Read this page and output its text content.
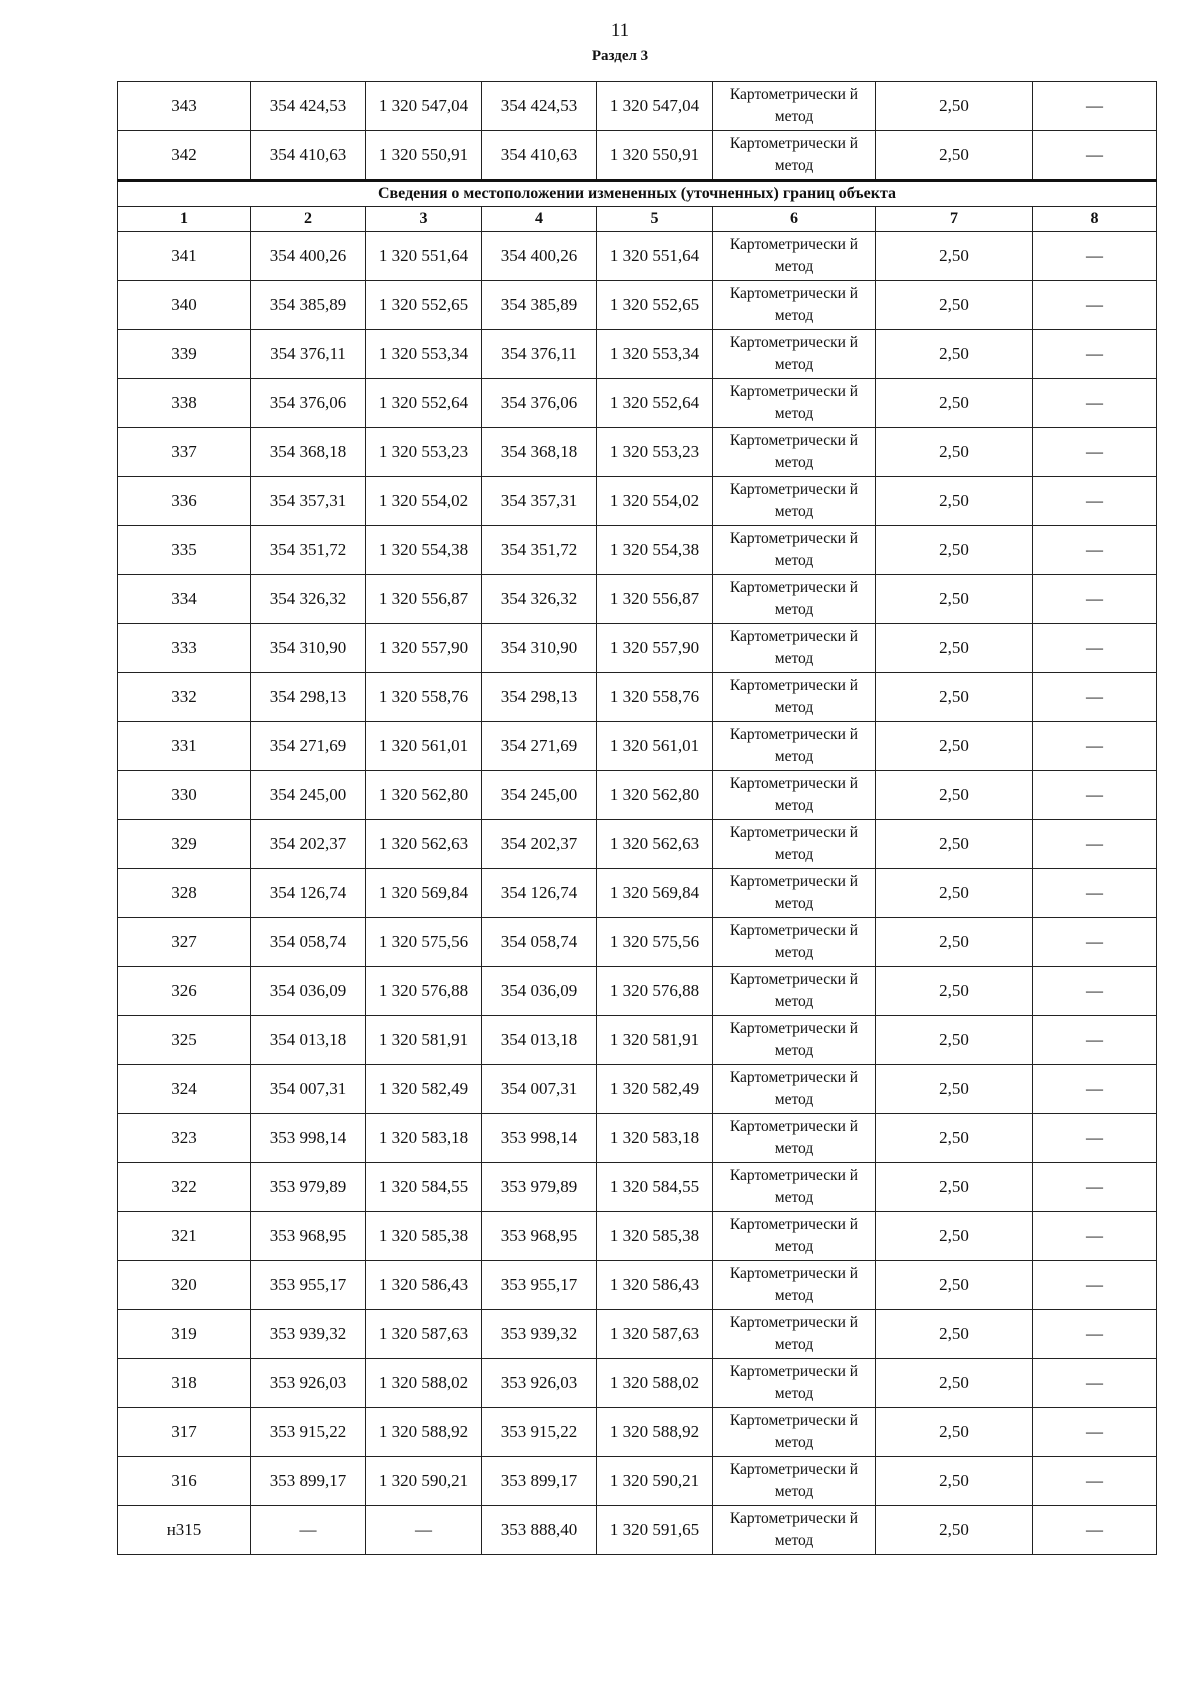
11
Раздел 3
343	354 424,53	1 320 547,04	354 424,53	1 320 547,04	Картометрически й метод	2,50	—
342	354 410,63	1 320 550,91	354 410,63	1 320 550,91	Картометрически й метод	2,50	—
Сведения о местоположении измененных (уточненных) границ объекта							
1	2	3	4	5	6	7	8
341	354 400,26	1 320 551,64	354 400,26	1 320 551,64	Картометрически й метод	2,50	—
340	354 385,89	1 320 552,65	354 385,89	1 320 552,65	Картометрически й метод	2,50	—
339	354 376,11	1 320 553,34	354 376,11	1 320 553,34	Картометрически й метод	2,50	—
338	354 376,06	1 320 552,64	354 376,06	1 320 552,64	Картометрически й метод	2,50	—
337	354 368,18	1 320 553,23	354 368,18	1 320 553,23	Картометрически й метод	2,50	—
336	354 357,31	1 320 554,02	354 357,31	1 320 554,02	Картометрически й метод	2,50	—
335	354 351,72	1 320 554,38	354 351,72	1 320 554,38	Картометрически й метод	2,50	—
334	354 326,32	1 320 556,87	354 326,32	1 320 556,87	Картометрически й метод	2,50	—
333	354 310,90	1 320 557,90	354 310,90	1 320 557,90	Картометрически й метод	2,50	—
332	354 298,13	1 320 558,76	354 298,13	1 320 558,76	Картометрически й метод	2,50	—
331	354 271,69	1 320 561,01	354 271,69	1 320 561,01	Картометрически й метод	2,50	—
330	354 245,00	1 320 562,80	354 245,00	1 320 562,80	Картометрически й метод	2,50	—
329	354 202,37	1 320 562,63	354 202,37	1 320 562,63	Картометрически й метод	2,50	—
328	354 126,74	1 320 569,84	354 126,74	1 320 569,84	Картометрически й метод	2,50	—
327	354 058,74	1 320 575,56	354 058,74	1 320 575,56	Картометрически й метод	2,50	—
326	354 036,09	1 320 576,88	354 036,09	1 320 576,88	Картометрически й метод	2,50	—
325	354 013,18	1 320 581,91	354 013,18	1 320 581,91	Картометрически й метод	2,50	—
324	354 007,31	1 320 582,49	354 007,31	1 320 582,49	Картометрически й метод	2,50	—
323	353 998,14	1 320 583,18	353 998,14	1 320 583,18	Картометрически й метод	2,50	—
322	353 979,89	1 320 584,55	353 979,89	1 320 584,55	Картометрически й метод	2,50	—
321	353 968,95	1 320 585,38	353 968,95	1 320 585,38	Картометрически й метод	2,50	—
320	353 955,17	1 320 586,43	353 955,17	1 320 586,43	Картометрически й метод	2,50	—
319	353 939,32	1 320 587,63	353 939,32	1 320 587,63	Картометрически й метод	2,50	—
318	353 926,03	1 320 588,02	353 926,03	1 320 588,02	Картометрически й метод	2,50	—
317	353 915,22	1 320 588,92	353 915,22	1 320 588,92	Картометрически й метод	2,50	—
316	353 899,17	1 320 590,21	353 899,17	1 320 590,21	Картометрически й метод	2,50	—
н315	—	—	353 888,40	1 320 591,65	Картометрически й метод	2,50	—
